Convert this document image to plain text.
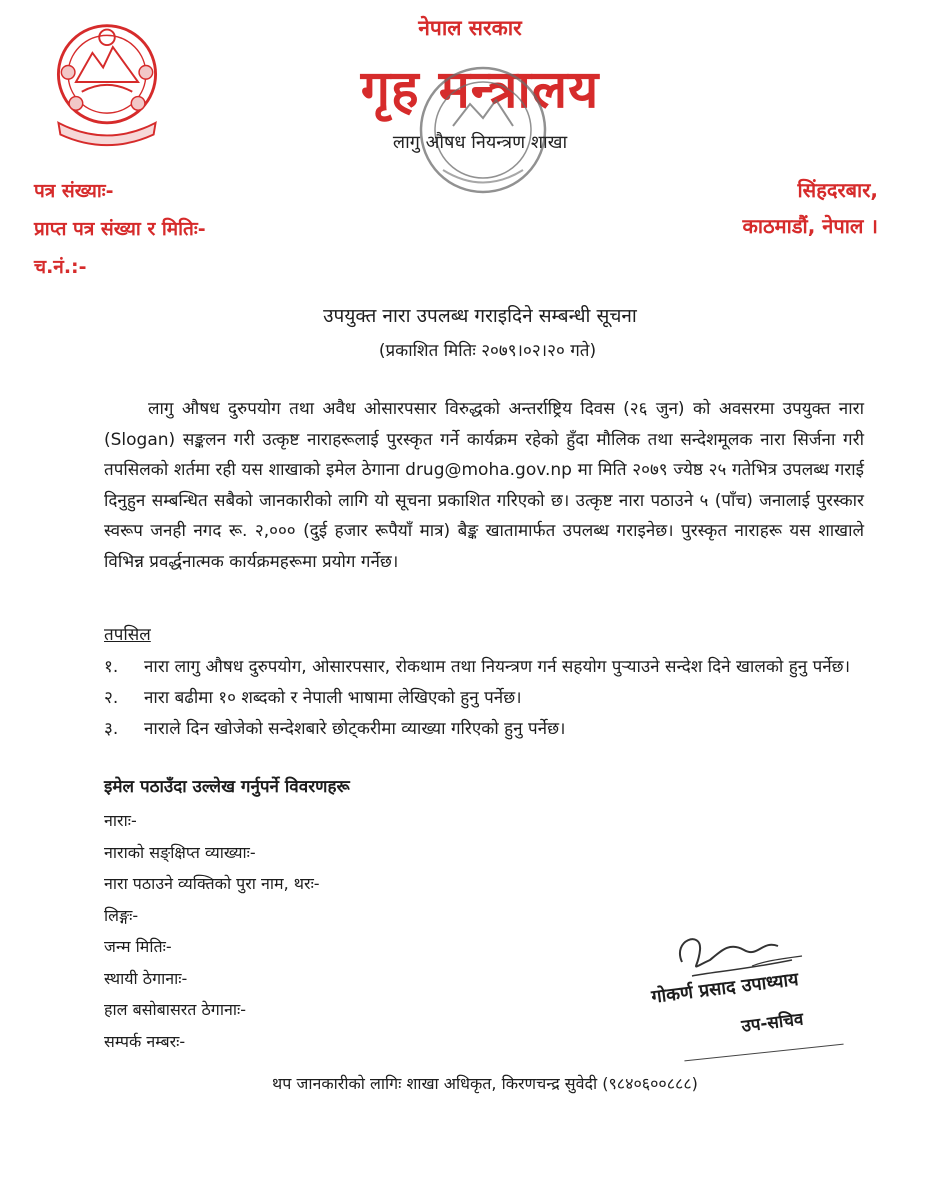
नेपाल सरकार
गृह मन्त्रालय
लागु औषध नियन्त्रण शाखा
पत्र संख्याः-
प्राप्त पत्र संख्या र मितिः-
च.नं.:-
सिंहदरबार,
काठमाडौं, नेपाल ।
उपयुक्त नारा उपलब्ध गराइदिने सम्बन्धी सूचना
(प्रकाशित मितिः २०७९।०२।२० गते)
लागु औषध दुरुपयोग तथा अवैध ओसारपसार विरुद्धको अन्तर्राष्ट्रिय दिवस (२६ जुन) को अवसरमा उपयुक्त नारा (Slogan) सङ्कलन गरी उत्कृष्ट नाराहरूलाई पुरस्कृत गर्ने कार्यक्रम रहेको हुँदा मौलिक तथा सन्देशमूलक नारा सिर्जना गरी तपसिलको शर्तमा रही यस शाखाको इमेल ठेगाना drug@moha.gov.np मा मिति २०७९ ज्येष्ठ २५ गतेभित्र उपलब्ध गराई दिनुहुन सम्बन्धित सबैको जानकारीको लागि यो सूचना प्रकाशित गरिएको छ। उत्कृष्ट नारा पठाउने ५ (पाँच) जनालाई पुरस्कार स्वरूप जनही नगद रू. २,००० (दुई हजार रूपैयाँ मात्र) बैङ्क खातामार्फत उपलब्ध गराइनेछ। पुरस्कृत नाराहरू यस शाखाले विभिन्न प्रवर्द्धनात्मक कार्यक्रमहरूमा प्रयोग गर्नेछ।
तपसिल
१.	नारा लागु औषध दुरुपयोग, ओसारपसार, रोकथाम तथा नियन्त्रण गर्न सहयोग पुऱ्याउने सन्देश दिने खालको हुनु पर्नेछ।
२.	नारा बढीमा १० शब्दको र नेपाली भाषामा लेखिएको हुनु पर्नेछ।
३.	नाराले दिन खोजेको सन्देशबारे छोट्करीमा व्याख्या गरिएको हुनु पर्नेछ।
इमेल पठाउँदा उल्लेख गर्नुपर्ने विवरणहरू
नाराः-
नाराको सङ्क्षिप्त व्याख्याः-
नारा पठाउने व्यक्तिको पुरा नाम, थरः-
लिङ्गः-
जन्म मितिः-
स्थायी ठेगानाः-
हाल बसोबासरत ठेगानाः-
सम्पर्क नम्बरः-
गोकर्ण प्रसाद उपाध्याय
उप-सचिव
थप जानकारीको लागिः शाखा अधिकृत, किरणचन्द्र सुवेदी (९८४०६००८८८)
